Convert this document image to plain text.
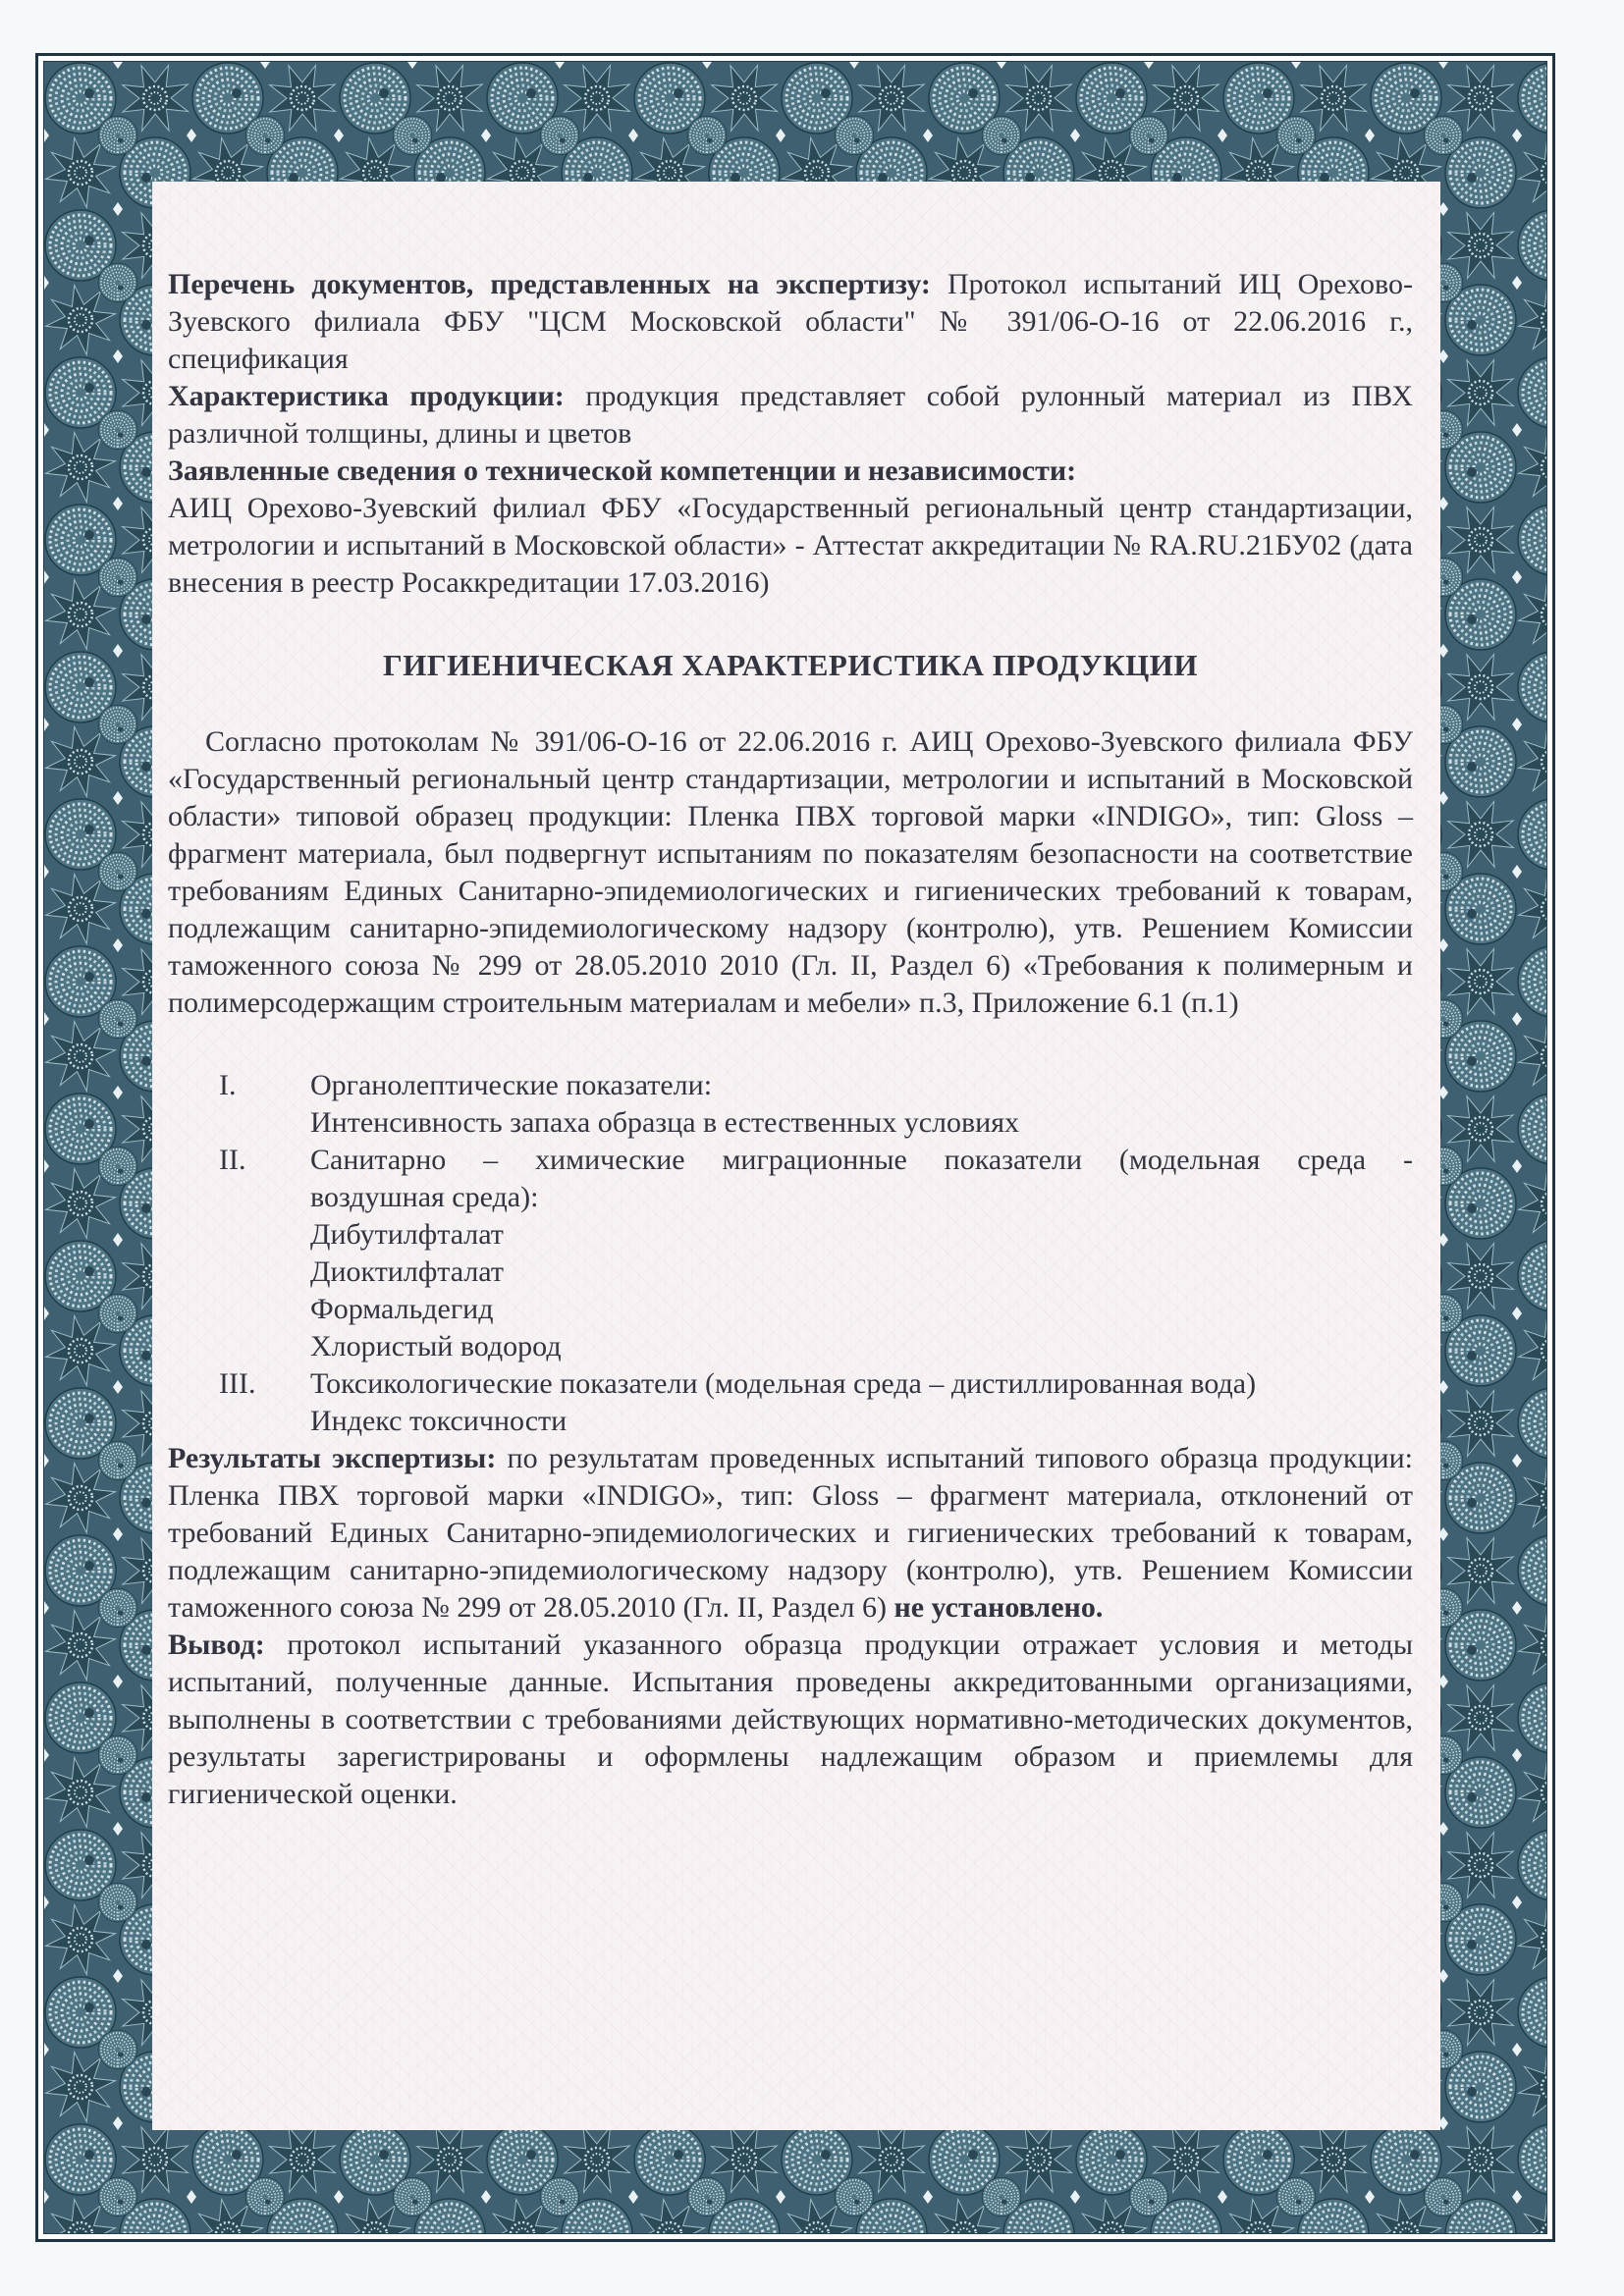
Перечень документов, представленных на экспертизу: Протокол испытаний ИЦ Орехово-Зуевского филиала ФБУ "ЦСМ Московской области" № 391/06-О-16 от 22.06.2016 г., спецификация

Характеристика продукции: продукция представляет собой рулонный материал из ПВХ различной толщины, длины и цветов

Заявленные сведения о технической компетенции и независимости:
АИЦ Орехово-Зуевский филиал ФБУ «Государственный региональный центр стандартизации, метрологии и испытаний в Московской области» - Аттестат аккредитации № RA.RU.21БУ02 (дата внесения в реестр Росаккредитации 17.03.2016)

ГИГИЕНИЧЕСКАЯ ХАРАКТЕРИСТИКА ПРОДУКЦИИ

Согласно протоколам № 391/06-О-16 от 22.06.2016 г. АИЦ Орехово-Зуевского филиала ФБУ «Государственный региональный центр стандартизации, метрологии и испытаний в Московской области» типовой образец продукции: Пленка ПВХ торговой марки «INDIGO», тип: Gloss – фрагмент материала, был подвергнут испытаниям по показателям безопасности на соответствие требованиям Единых Санитарно-эпидемиологических и гигиенических требований к товарам, подлежащим санитарно-эпидемиологическому надзору (контролю), утв. Решением Комиссии таможенного союза № 299 от 28.05.2010 2010 (Гл. II, Раздел 6) «Требования к полимерным и полимерсодержащим строительным материалам и мебели» п.3, Приложение 6.1 (п.1)

I.	Органолептические показатели:
Интенсивность запаха образца в естественных условиях
II.	Санитарно – химические миграционные показатели (модельная среда -
воздушная среда):
Дибутилфталат
Диоктилфталат
Формальдегид
Хлористый водород
III.	Токсикологические показатели (модельная среда – дистиллированная вода)
Индекс токсичности

Результаты экспертизы: по результатам проведенных испытаний типового образца продукции: Пленка ПВХ торговой марки «INDIGO», тип: Gloss – фрагмент материала, отклонений от требований Единых Санитарно-эпидемиологических и гигиенических требований к товарам, подлежащим санитарно-эпидемиологическому надзору (контролю), утв. Решением Комиссии таможенного союза № 299 от 28.05.2010 (Гл. II, Раздел 6) не установлено.

Вывод: протокол испытаний указанного образца продукции отражает условия и методы испытаний, полученные данные. Испытания проведены аккредитованными организациями, выполнены в соответствии с требованиями действующих нормативно-методических документов, результаты зарегистрированы и оформлены надлежащим образом и приемлемы для гигиенической оценки.
